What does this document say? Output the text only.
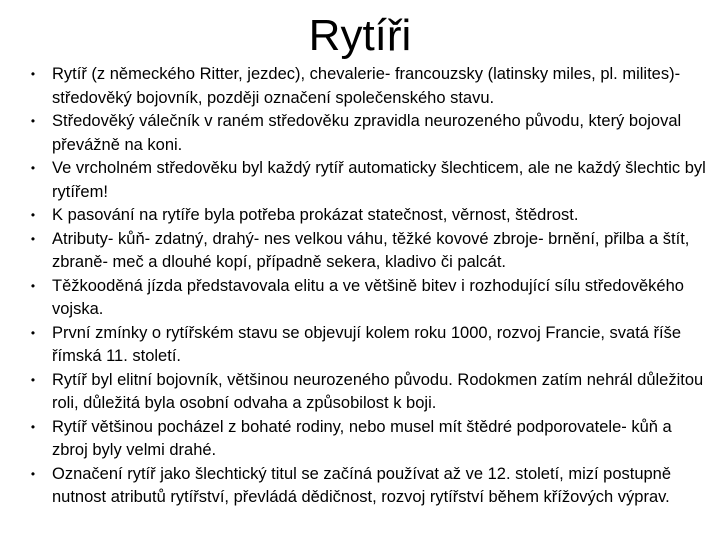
Rytíři
• Rytíř (z německého Ritter, jezdec), chevalerie- francouzsky (latinsky miles, pl. milites)- středověký bojovník, později označení společenského stavu.
• Středověký válečník v raném středověku zpravidla neurozeného původu, který bojoval převážně na koni.
• Ve vrcholném středověku byl každý rytíř automaticky šlechticem, ale ne každý šlechtic byl rytířem!
• K pasování na rytíře byla potřeba prokázat statečnost, věrnost, štědrost.
• Atributy- kůň- zdatný, drahý- nes velkou váhu, těžké kovové zbroje- brnění, přilba a štít, zbraně- meč a dlouhé kopí, případně sekera, kladivo či palcát.
• Těžkooděná jízda představovala elitu a ve většině bitev i rozhodující sílu středověkého vojska.
• První zmínky o rytířském stavu se objevují kolem roku 1000, rozvoj Francie, svatá říše římská 11. století.
• Rytíř byl elitní bojovník, většinou neurozeného původu. Rodokmen zatím nehrál důležitou roli, důležitá byla osobní odvaha a způsobilost k boji.
• Rytíř většinou pocházel z bohaté rodiny, nebo musel mít štědré podporovatele- kůň a zbroj byly velmi drahé.
• Označení rytíř jako šlechtický titul se začíná používat až ve 12. století, mizí postupně nutnost atributů rytířství, převládá dědičnost, rozvoj rytířství během křížových výprav.
